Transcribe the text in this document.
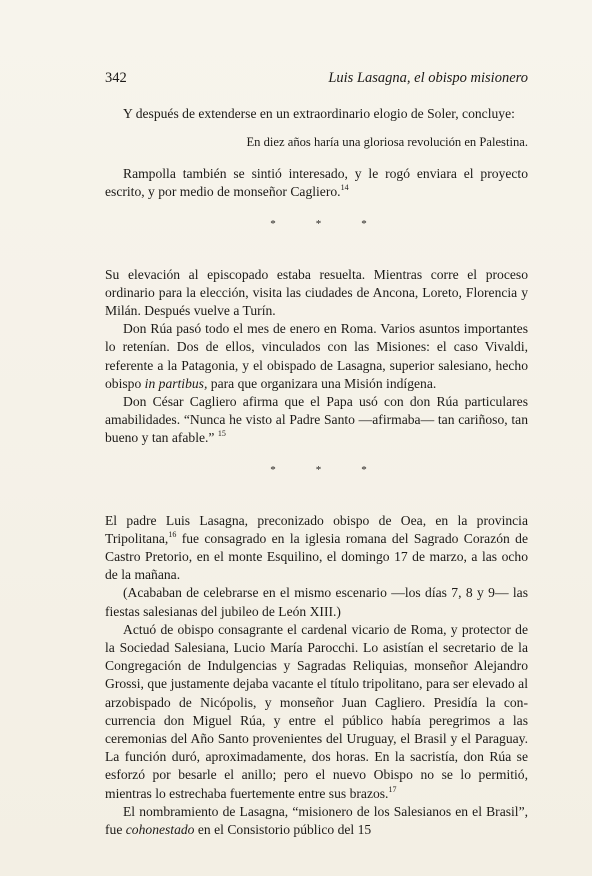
342	Luis Lasagna, el obispo misionero

Y después de extenderse en un extraordinario elogio de Soler, concluye:

En diez años haría una gloriosa revolución en Palestina.

Rampolla también se sintió interesado, y le rogó enviara el proyecto escrito, y por medio de monseñor Cagliero.$^{14}$

*	*	*

Su elevación al episcopado estaba resuelta. Mientras corre el proceso ordinario para la elección, visita las ciudades de Ancona, Loreto, Florencia y Milán. Después vuelve a Turín.

Don Rúa pasó todo el mes de enero en Roma. Varios asuntos importantes lo retenían. Dos de ellos, vinculados con las Misiones: el caso Vivaldi, referente a la Patagonia, y el obispado de Lasagna, superior salesiano, hecho obispo in partibus, para que organizara una Misión indígena.

Don César Cagliero afirma que el Papa usó con don Rúa particulares amabilidades. “Nunca he visto al Padre Santo —afirmaba— tan cariñoso, tan bueno y tan afable.” $^{15}$

*	*	*

El padre Luis Lasagna, preconizado obispo de Oea, en la provincia Tripolitana,$^{16}$ fue consagrado en la iglesia romana del Sagrado Corazón de Castro Pretorio, en el monte Esquilino, el domingo 17 de marzo, a las ocho de la mañana.

(Acababan de celebrarse en el mismo escenario —los días 7, 8 y 9— las fiestas salesianas del jubileo de León XIII.)

Actuó de obispo consagrante el cardenal vicario de Roma, y protector de la Sociedad Salesiana, Lucio María Parocchi. Lo asistían el secretario de la Congregación de Indulgencias y Sagradas Reliquias, monseñor Alejandro Grossi, que justamente dejaba vacante el título tripolitano, para ser elevado al arzobispado de Nicópolis, y monseñor Juan Cagliero. Presidía la concurrencia don Miguel Rúa, y entre el público había peregrimos a las ceremonias del Año Santo provenientes del Uruguay, el Brasil y el Paraguay. La función duró, aproximadamente, dos horas. En la sacristía, don Rúa se esforzó por besarle el anillo; pero el nuevo Obispo no se lo permitió, mientras lo estrechaba fuertemente entre sus brazos.$^{17}$

El nombramiento de Lasagna, “misionero de los Salesianos en el Brasil”, fue cohonestado en el Consistorio público del 15
